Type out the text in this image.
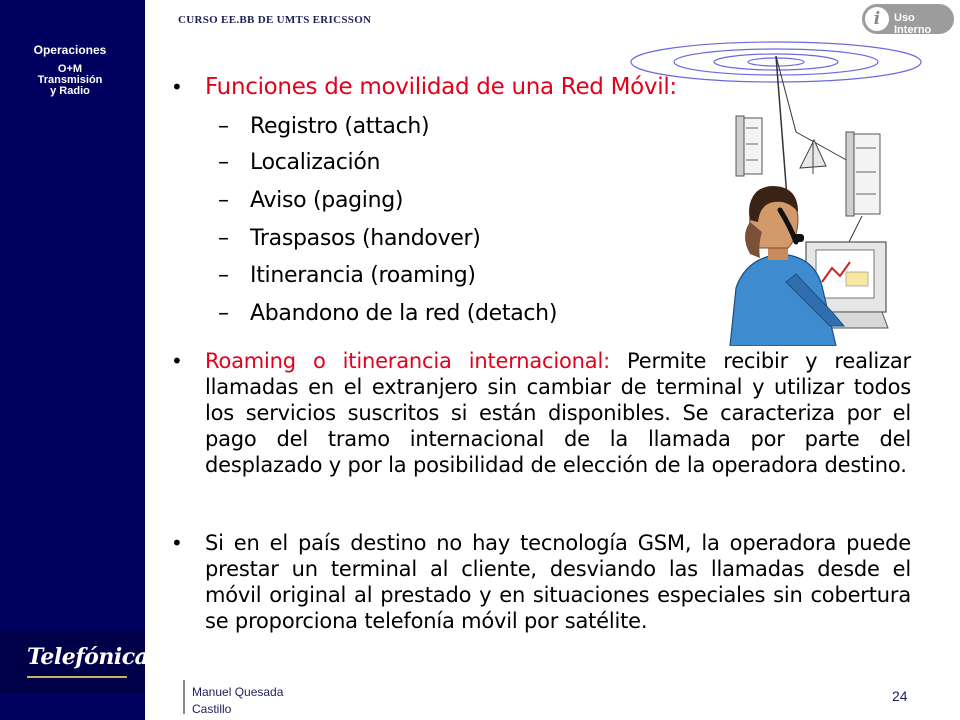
Operaciones
O+M
Transmisión
y Radio
Telefónica
CURSO EE.BB DE UMTS ERICSSON	i	Uso Interno
• Funciones de movilidad de una Red Móvil:
– Registro (attach)
– Localización
– Aviso (paging)
– Traspasos (handover)
– Itinerancia (roaming)
– Abandono de la red (detach)
• Roaming o itinerancia internacional: Permite recibir y realizar llamadas en el extranjero sin cambiar de terminal y utilizar todos los servicios suscritos si están disponibles. Se caracteriza por el pago del tramo internacional de la llamada por parte del desplazado y por la posibilidad de elección de la operadora destino.
• Si en el país destino no hay tecnología GSM, la operadora puede prestar un terminal al cliente, desviando las llamadas desde el móvil original al prestado y en situaciones especiales sin cobertura se proporciona telefonía móvil por satélite.
Manuel Quesada
Castillo
24
